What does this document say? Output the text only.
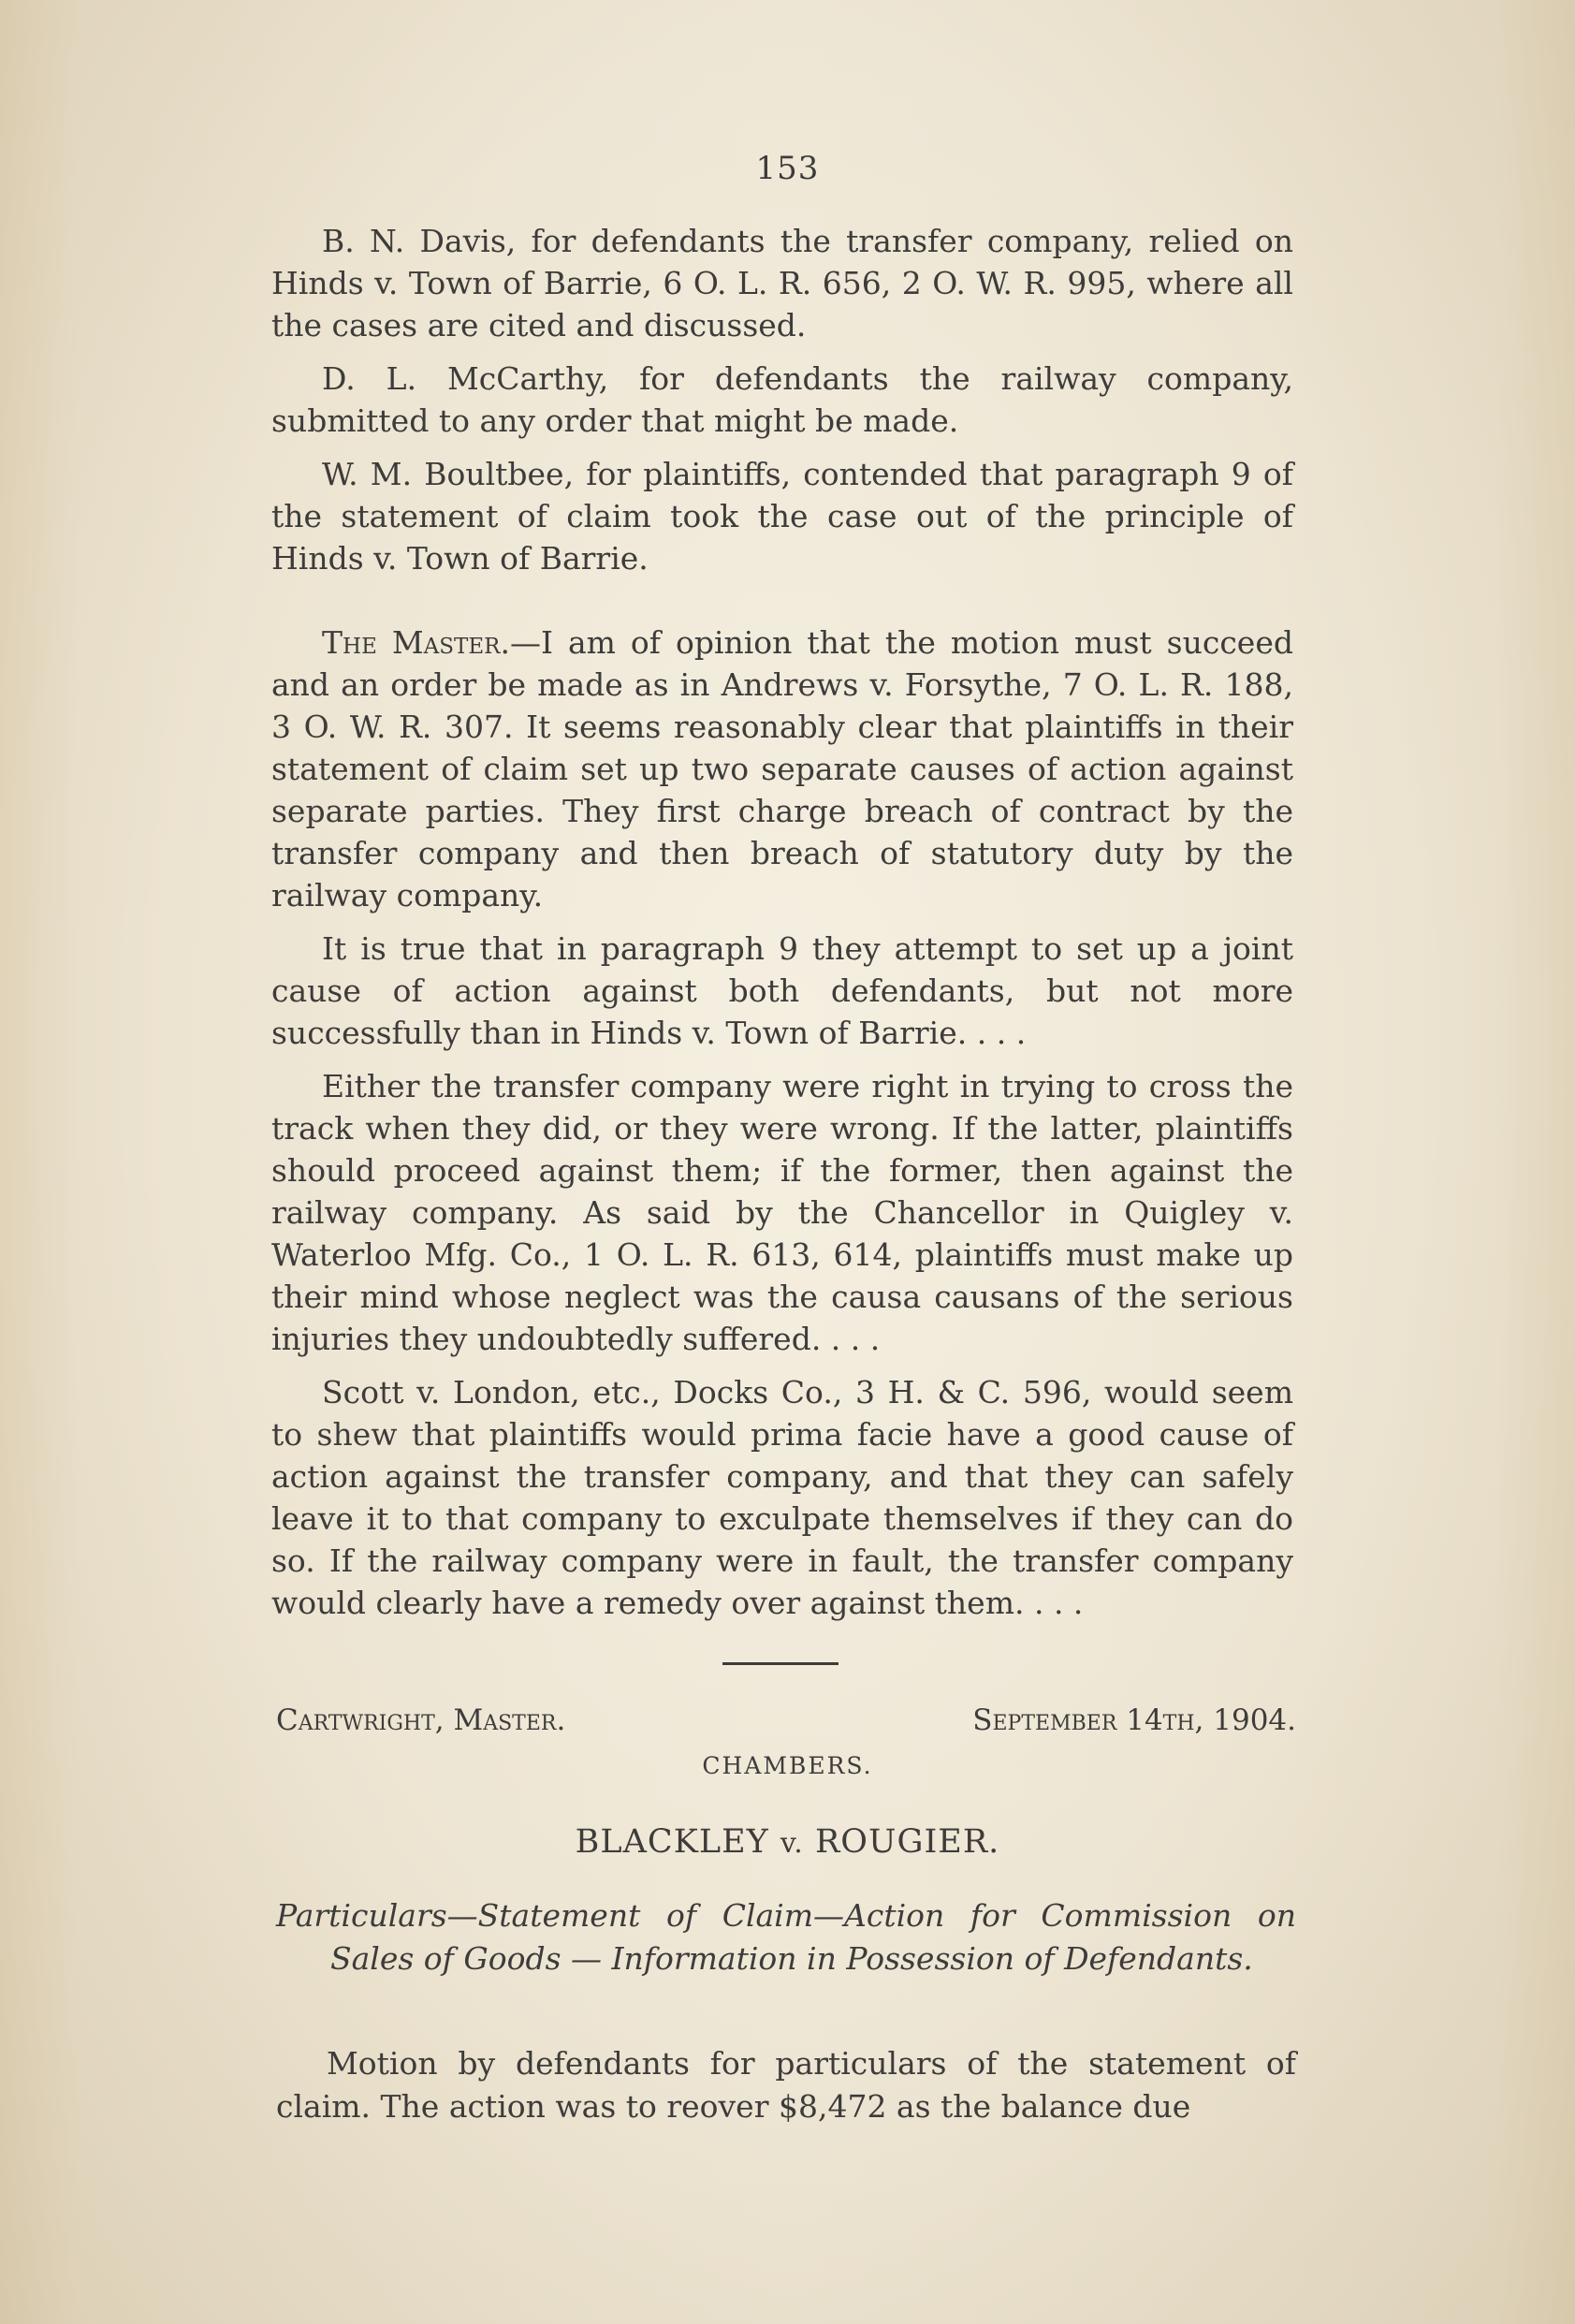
153

B. N. Davis, for defendants the transfer company, relied on Hinds v. Town of Barrie, 6 O. L. R. 656, 2 O. W. R. 995, where all the cases are cited and discussed.

D. L. McCarthy, for defendants the railway company, submitted to any order that might be made.

W. M. Boultbee, for plaintiffs, contended that paragraph 9 of the statement of claim took the case out of the principle of Hinds v. Town of Barrie.

The Master.—I am of opinion that the motion must succeed and an order be made as in Andrews v. Forsythe, 7 O. L. R. 188, 3 O. W. R. 307. It seems reasonably clear that plaintiffs in their statement of claim set up two separate causes of action against separate parties. They first charge breach of contract by the transfer company and then breach of statutory duty by the railway company.

It is true that in paragraph 9 they attempt to set up a joint cause of action against both defendants, but not more successfully than in Hinds v. Town of Barrie. . . .

Either the transfer company were right in trying to cross the track when they did, or they were wrong. If the latter, plaintiffs should proceed against them; if the former, then against the railway company. As said by the Chancellor in Quigley v. Waterloo Mfg. Co., 1 O. L. R. 613, 614, plaintiffs must make up their mind whose neglect was the causa causans of the serious injuries they undoubtedly suffered. . . .

Scott v. London, etc., Docks Co., 3 H. & C. 596, would seem to shew that plaintiffs would prima facie have a good cause of action against the transfer company, and that they can safely leave it to that company to exculpate themselves if they can do so. If the railway company were in fault, the transfer company would clearly have a remedy over against them. . . .

Cartwright, Master.	September 14th, 1904.
CHAMBERS.
BLACKLEY v. ROUGIER.
Particulars—Statement of Claim—Action for Commission on Sales of Goods — Information in Possession of Defendants.
Motion by defendants for particulars of the statement of claim. The action was to reover $8,472 as the balance due
